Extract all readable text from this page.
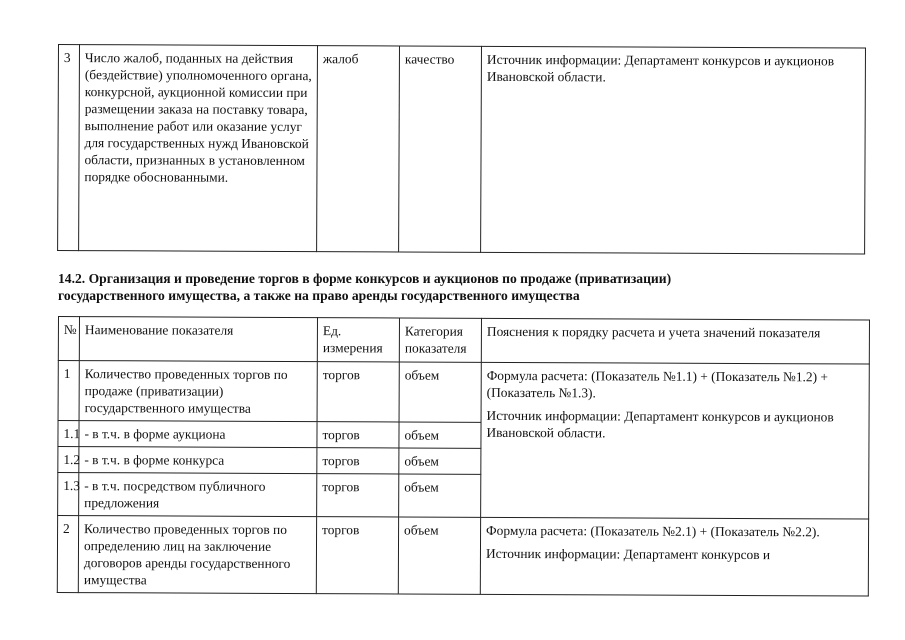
3	Число жалоб, поданных на действия (бездействие) уполномоченного органа, конкурсной, аукционной комиссии при размещении заказа на поставку товара, выполнение работ или оказание услуг для государственных нужд Ивановской области, признанных в установленном порядке обоснованными.	жалоб	качество	Источник информации: Департамент конкурсов и аукционов Ивановской области.
14.2. Организация и проведение торгов в форме конкурсов и аукционов по продаже (приватизации)
государственного имущества, а также на право аренды государственного имущества
№	Наименование показателя	Ед. измерения	Категория показателя	Пояснения к порядку расчета и учета значений показателя
1	Количество проведенных торгов по продаже (приватизации) государственного имущества	торгов	объем	Формула расчета: (Показатель №1.1) + (Показатель №1.2) + (Показатель №1.3).
Источник информации: Департамент конкурсов и аукционов Ивановской области.

1.1	- в т.ч. в форме аукциона	торгов	объем	
1.2	- в т.ч. в форме конкурса	торгов	объем	
1.3	- в т.ч. посредством публичного предложения	торгов	объем	
2	Количество проведенных торгов по определению лиц на заключение договоров аренды государственного имущества	торгов	объем	Формула расчета: (Показатель №2.1) + (Показатель №2.2).
Источник информации: Департамент конкурсов и
